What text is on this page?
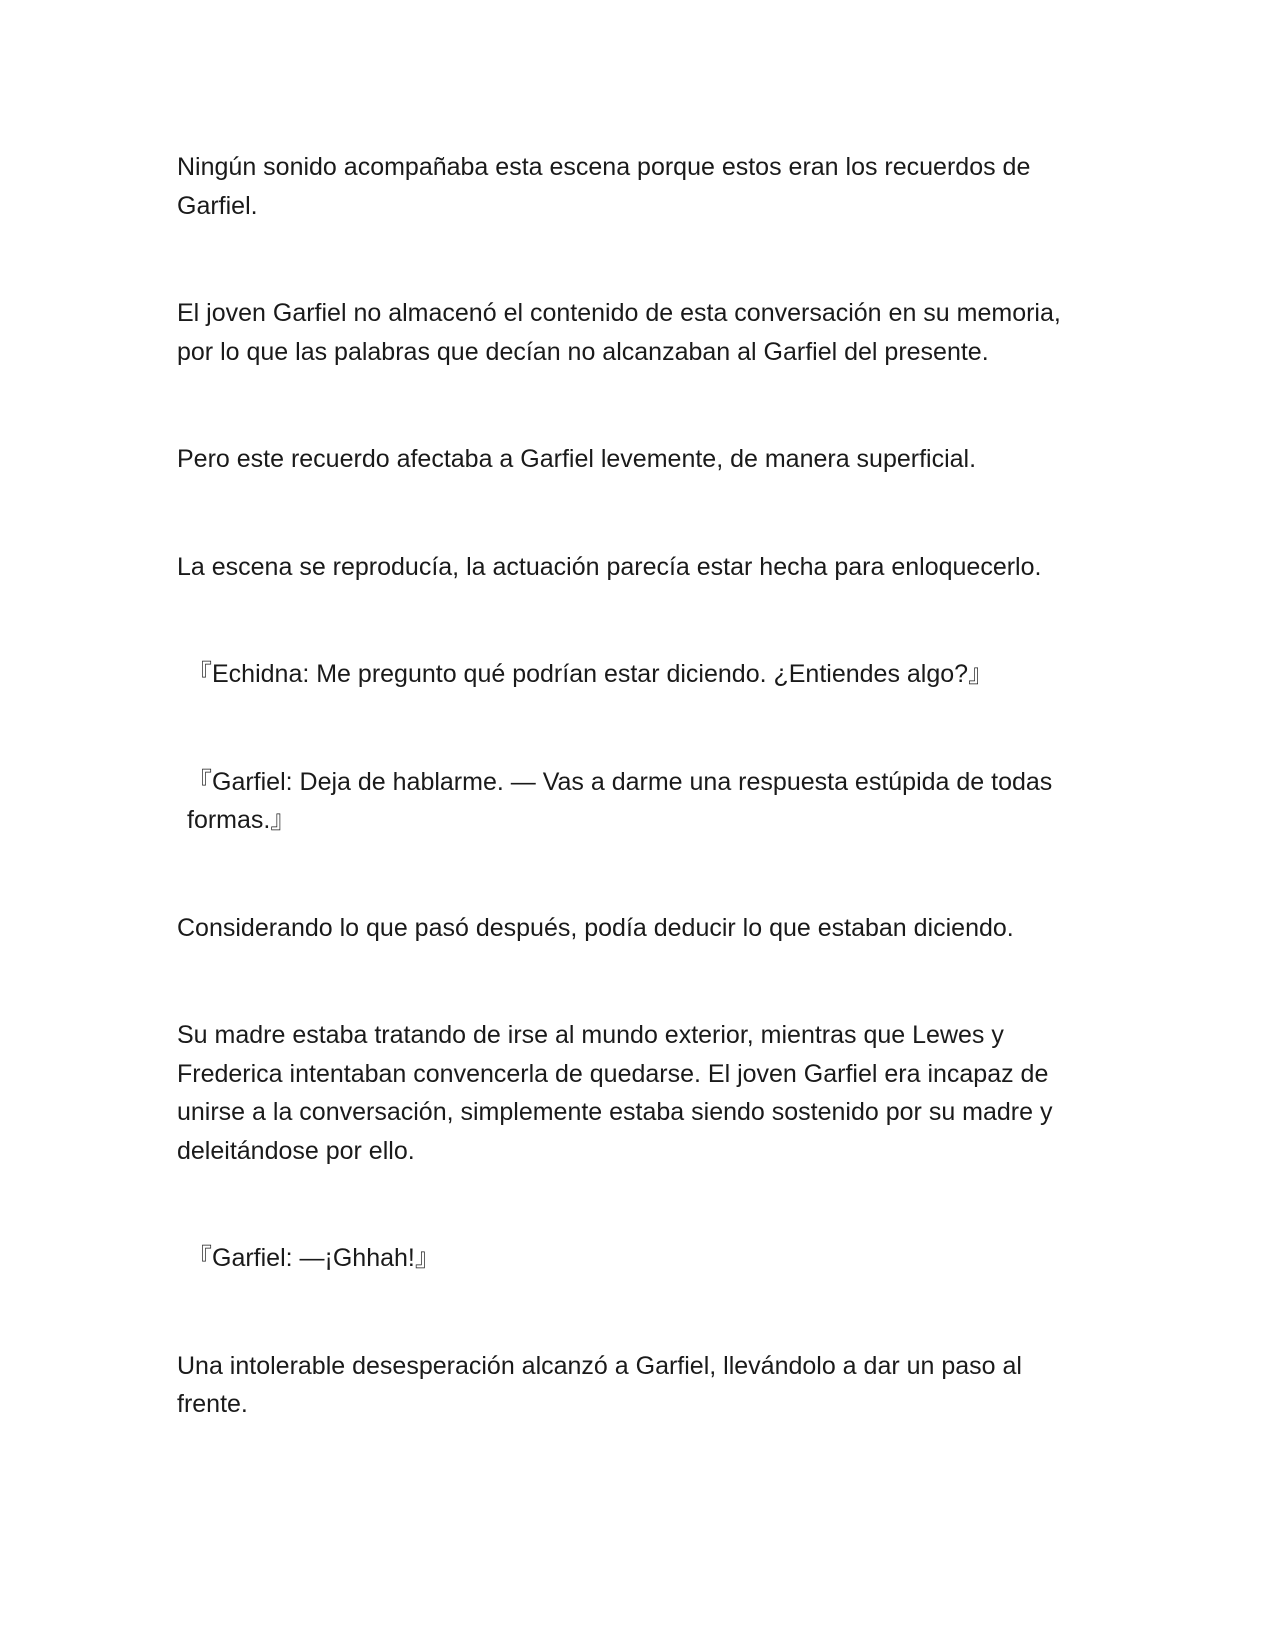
Ningún sonido acompañaba esta escena porque estos eran los recuerdos de Garfiel.

El joven Garfiel no almacenó el contenido de esta conversación en su memoria, por lo que las palabras que decían no alcanzaban al Garfiel del presente.

Pero este recuerdo afectaba a Garfiel levemente, de manera superficial.

La escena se reproducía, la actuación parecía estar hecha para enloquecerlo.

『Echidna: Me pregunto qué podrían estar diciendo. ¿Entiendes algo?』

『Garfiel: Deja de hablarme. — Vas a darme una respuesta estúpida de todas formas.』

Considerando lo que pasó después, podía deducir lo que estaban diciendo.

Su madre estaba tratando de irse al mundo exterior, mientras que Lewes y Frederica intentaban convencerla de quedarse. El joven Garfiel era incapaz de unirse a la conversación, simplemente estaba siendo sostenido por su madre y deleitándose por ello.

『Garfiel: —¡Ghhah!』

Una intolerable desesperación alcanzó a Garfiel, llevándolo a dar un paso al frente.
